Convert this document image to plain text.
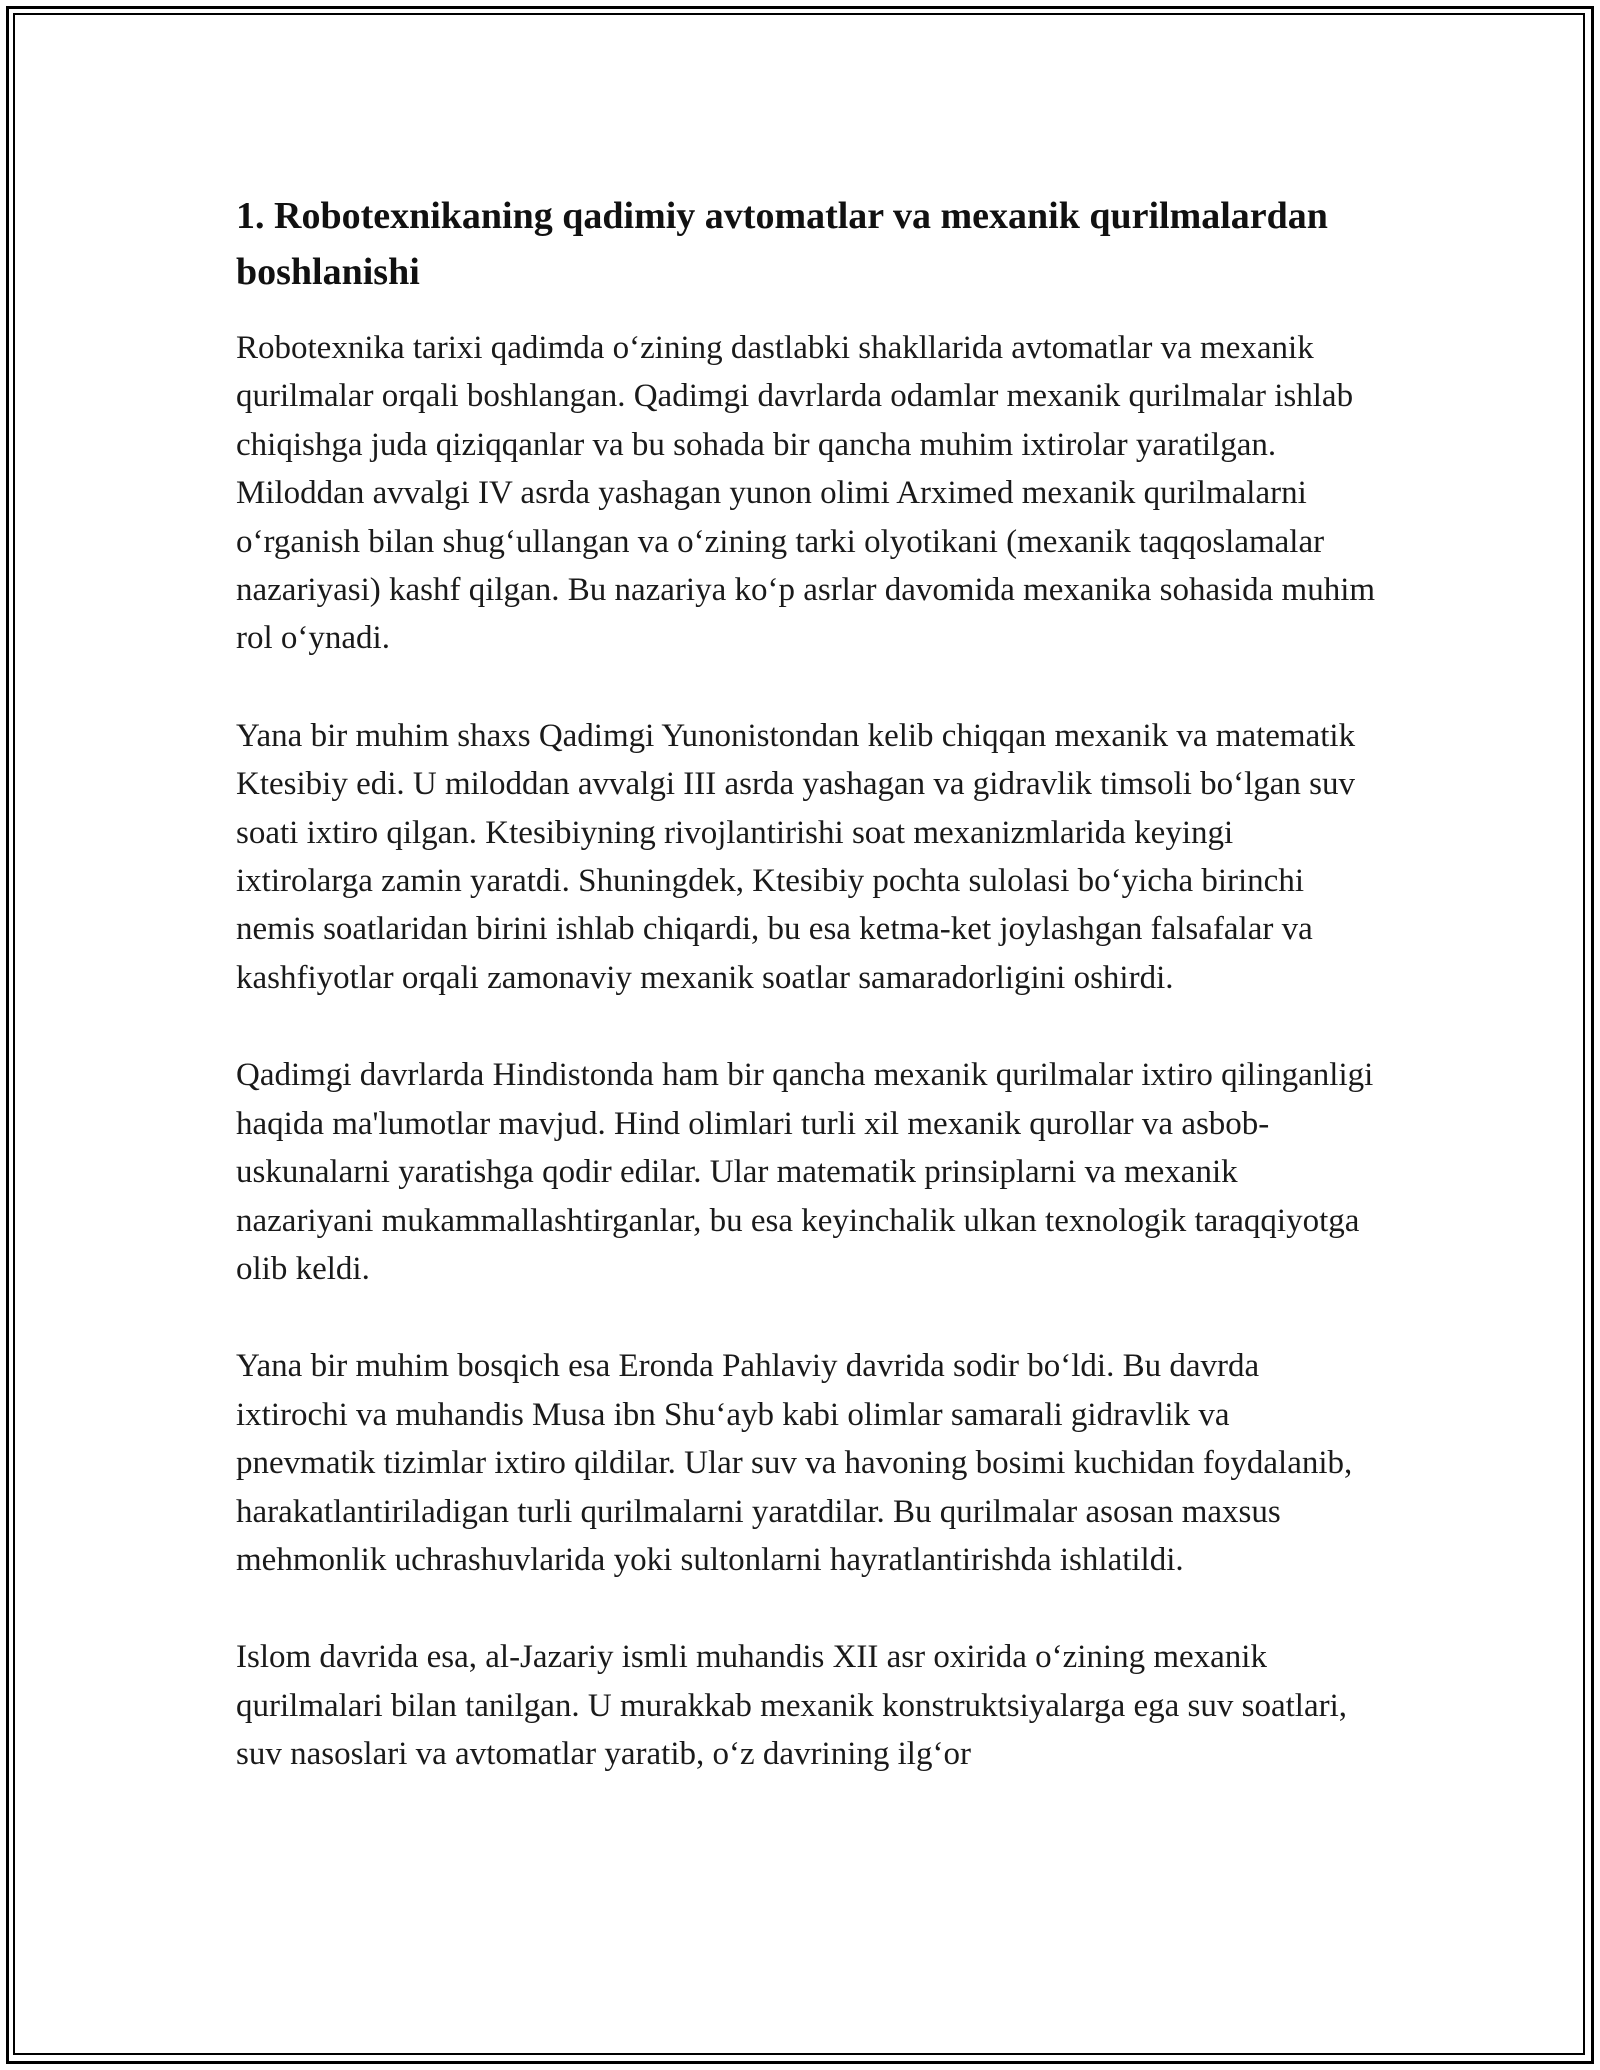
1. Robotexnikaning qadimiy avtomatlar va mexanik qurilmalardan boshlanishi

Robotexnika tarixi qadimda o‘zining dastlabki shakllarida avtomatlar va mexanik qurilmalar orqali boshlangan. Qadimgi davrlarda odamlar mexanik qurilmalar ishlab chiqishga juda qiziqqanlar va bu sohada bir qancha muhim ixtirolar yaratilgan. Miloddan avvalgi IV asrda yashagan yunon olimi Arximed mexanik qurilmalarni o‘rganish bilan shug‘ullangan va o‘zining tarki olyotikani (mexanik taqqoslamalar nazariyasi) kashf qilgan. Bu nazariya ko‘p asrlar davomida mexanika sohasida muhim rol o‘ynadi.

Yana bir muhim shaxs Qadimgi Yunonistondan kelib chiqqan mexanik va matematik Ktesibiy edi. U miloddan avvalgi III asrda yashagan va gidravlik timsoli bo‘lgan suv soati ixtiro qilgan. Ktesibiyning rivojlantirishi soat mexanizmlarida keyingi ixtirolarga zamin yaratdi. Shuningdek, Ktesibiy pochta sulolasi bo‘yicha birinchi nemis soatlaridan birini ishlab chiqardi, bu esa ketma-ket joylashgan falsafalar va kashfiyotlar orqali zamonaviy mexanik soatlar samaradorligini oshirdi.

Qadimgi davrlarda Hindistonda ham bir qancha mexanik qurilmalar ixtiro qilinganligi haqida ma'lumotlar mavjud. Hind olimlari turli xil mexanik qurollar va asbob-uskunalarni yaratishga qodir edilar. Ular matematik prinsiplarni va mexanik nazariyani mukammallashtirganlar, bu esa keyinchalik ulkan texnologik taraqqiyotga olib keldi.

Yana bir muhim bosqich esa Eronda Pahlaviy davrida sodir bo‘ldi. Bu davrda ixtirochi va muhandis Musa ibn Shu‘ayb kabi olimlar samarali gidravlik va pnevmatik tizimlar ixtiro qildilar. Ular suv va havoning bosimi kuchidan foydalanib, harakatlantiriladigan turli qurilmalarni yaratdilar. Bu qurilmalar asosan maxsus mehmonlik uchrashuvlarida yoki sultonlarni hayratlantirishda ishlatildi.

Islom davrida esa, al-Jazariy ismli muhandis XII asr oxirida o‘zining mexanik qurilmalari bilan tanilgan. U murakkab mexanik konstruktsiyalarga ega suv soatlari, suv nasoslari va avtomatlar yaratib, o‘z davrining ilg‘or
